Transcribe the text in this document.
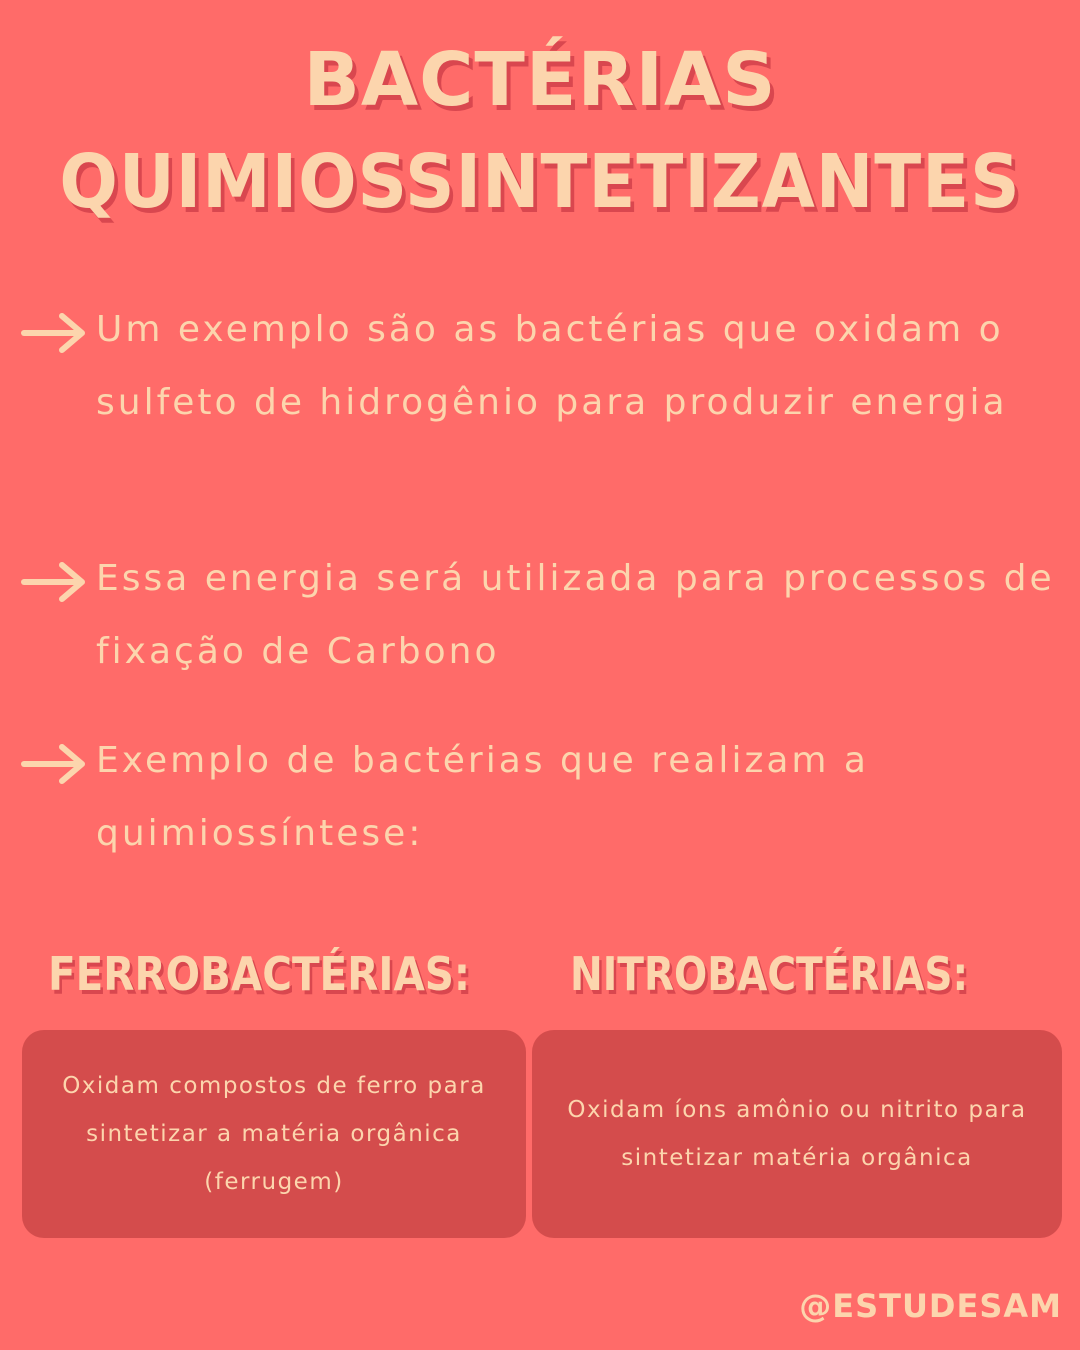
BACTÉRIAS
QUIMIOSSINTETIZANTES

Um exemplo são as bactérias que oxidam o sulfeto de hidrogênio para produzir energia

Essa energia será utilizada para processos de fixação de Carbono

Exemplo de bactérias que realizam a quimiossíntese:

FERROBACTÉRIAS: NITROBACTÉRIAS:

Oxidam compostos de ferro para sintetizar a matéria orgânica (ferrugem)

Oxidam íons amônio ou nitrito para sintetizar matéria orgânica

@ESTUDESAM
